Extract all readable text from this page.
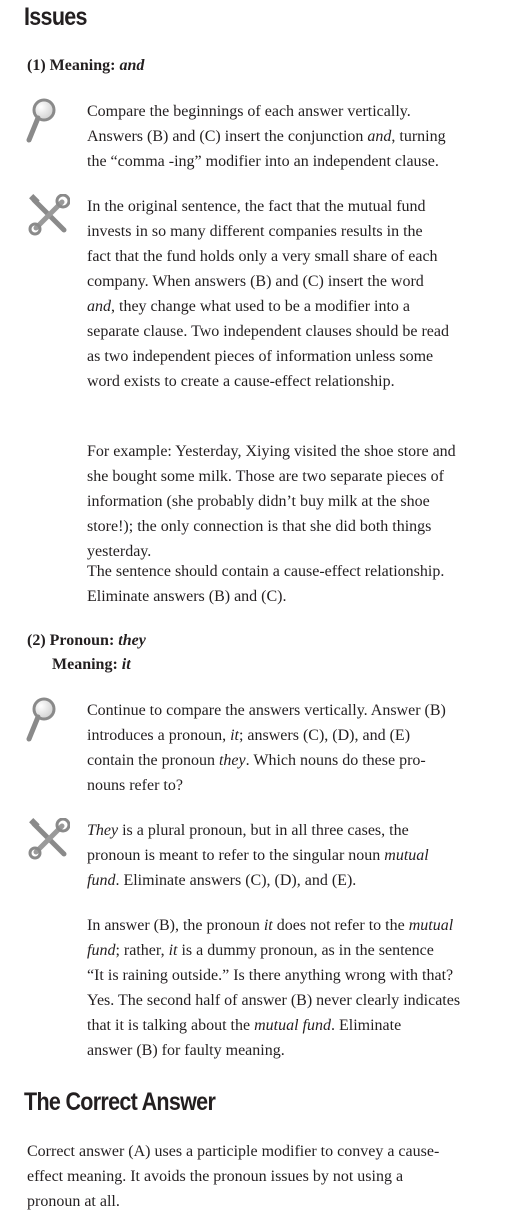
Issues
(1) Meaning: and
Compare the beginnings of each answer vertically.
Answers (B) and (C) insert the conjunction and, turning
the “comma -ing” modifier into an independent clause.
In the original sentence, the fact that the mutual fund
invests in so many different companies results in the
fact that the fund holds only a very small share of each
company. When answers (B) and (C) insert the word
and, they change what used to be a modifier into a
separate clause. Two independent clauses should be read
as two independent pieces of information unless some
word exists to create a cause-effect relationship.
For example: Yesterday, Xiying visited the shoe store and
she bought some milk. Those are two separate pieces of
information (she probably didn’t buy milk at the shoe
store!); the only connection is that she did both things
yesterday.
The sentence should contain a cause-effect relationship.
Eliminate answers (B) and (C).
(2) Pronoun: they
Meaning: it
Continue to compare the answers vertically. Answer (B)
introduces a pronoun, it; answers (C), (D), and (E)
contain the pronoun they. Which nouns do these pro-
nouns refer to?
They is a plural pronoun, but in all three cases, the
pronoun is meant to refer to the singular noun mutual
fund. Eliminate answers (C), (D), and (E).
In answer (B), the pronoun it does not refer to the mutual
fund; rather, it is a dummy pronoun, as in the sentence
“It is raining outside.” Is there anything wrong with that?
Yes. The second half of answer (B) never clearly indicates
that it is talking about the mutual fund. Eliminate
answer (B) for faulty meaning.
The Correct Answer
Correct answer (A) uses a participle modifier to convey a cause-
effect meaning. It avoids the pronoun issues by not using a
pronoun at all.
